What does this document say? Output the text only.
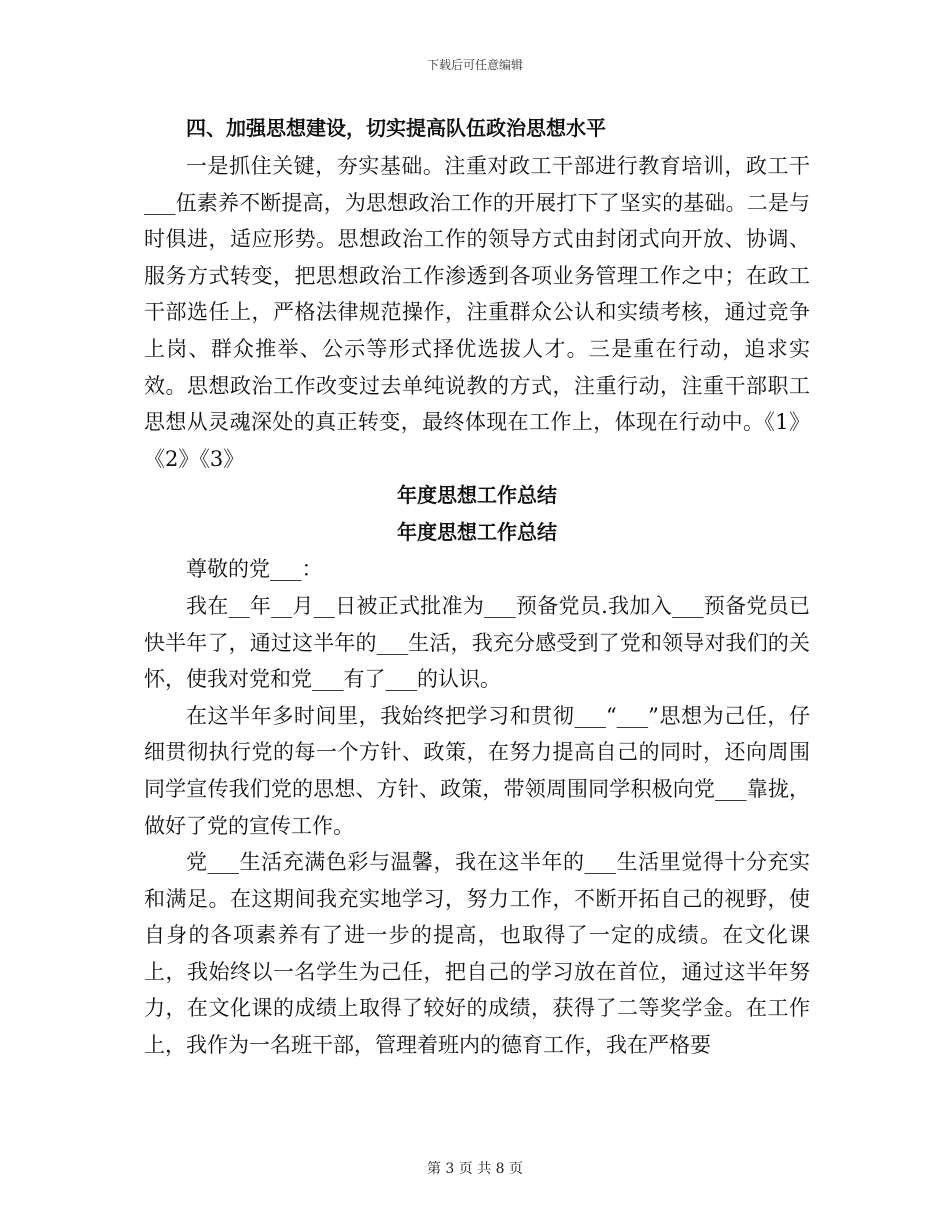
下载后可任意编辑
四、加强思想建设，切实提高队伍政治思想水平

一是抓住关键，夯实基础。注重对政工干部进行教育培训，政工干___伍素养不断提高，为思想政治工作的开展打下了坚实的基础。二是与时俱进，适应形势。思想政治工作的领导方式由封闭式向开放、协调、服务方式转变，把思想政治工作渗透到各项业务管理工作之中；在政工干部选任上，严格法律规范操作，注重群众公认和实绩考核，通过竞争上岗、群众推举、公示等形式择优选拔人才。三是重在行动，追求实效。思想政治工作改变过去单纯说教的方式，注重行动，注重干部职工思想从灵魂深处的真正转变，最终体现在工作上，体现在行动中。《1》《2》《3》

年度思想工作总结
年度思想工作总结

尊敬的党___：

我在__年__月__日被正式批准为___预备党员.我加入___预备党员已快半年了，通过这半年的___生活，我充分感受到了党和领导对我们的关怀，使我对党和党___有了___的认识。

在这半年多时间里，我始终把学习和贯彻___“___”思想为己任，仔细贯彻执行党的每一个方针、政策，在努力提高自己的同时，还向周围同学宣传我们党的思想、方针、政策，带领周围同学积极向党___靠拢，做好了党的宣传工作。

党___生活充满色彩与温馨，我在这半年的___生活里觉得十分充实和满足。在这期间我充实地学习，努力工作，不断开拓自己的视野，使自身的各项素养有了进一步的提高，也取得了一定的成绩。在文化课上，我始终以一名学生为己任，把自己的学习放在首位，通过这半年努力，在文化课的成绩上取得了较好的成绩，获得了二等奖学金。在工作上，我作为一名班干部，管理着班内的德育工作，我在严格要

第 3 页 共 8 页
